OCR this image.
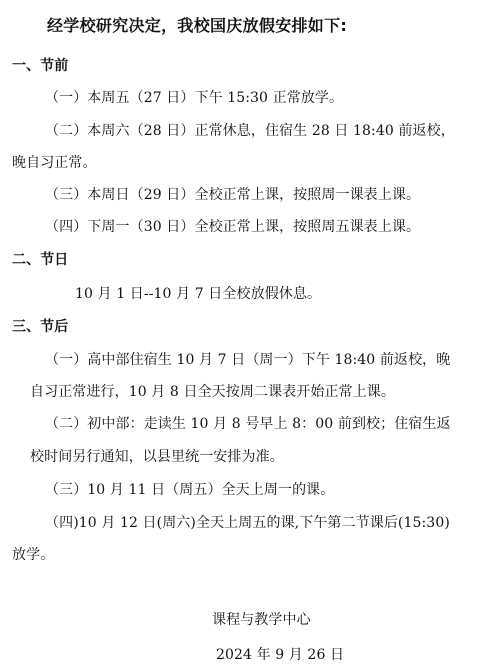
经学校研究决定，我校国庆放假安排如下:
一、节前
（一）本周五（27 日）下午 15:30 正常放学。
（二）本周六（28 日）正常休息，住宿生 28 日 18:40 前返校，
晚自习正常。
（三）本周日（29 日）全校正常上课，按照周一课表上课。
（四）下周一（30 日）全校正常上课，按照周五课表上课。
二、节日
10 月 1 日--10 月 7 日全校放假休息。
三、节后
（一）高中部住宿生 10 月 7 日（周一）下午 18:40 前返校，晚
自习正常进行，10 月 8 日全天按周二课表开始正常上课。
（二）初中部：走读生 10 月 8 号早上 8：00 前到校；住宿生返
校时间另行通知，以县里统一安排为准。
（三）10 月 11 日（周五）全天上周一的课。
（四)10 月 12 日(周六)全天上周五的课,下午第二节课后(15:30)
放学。
课程与教学中心
2024 年 9 月 26 日
